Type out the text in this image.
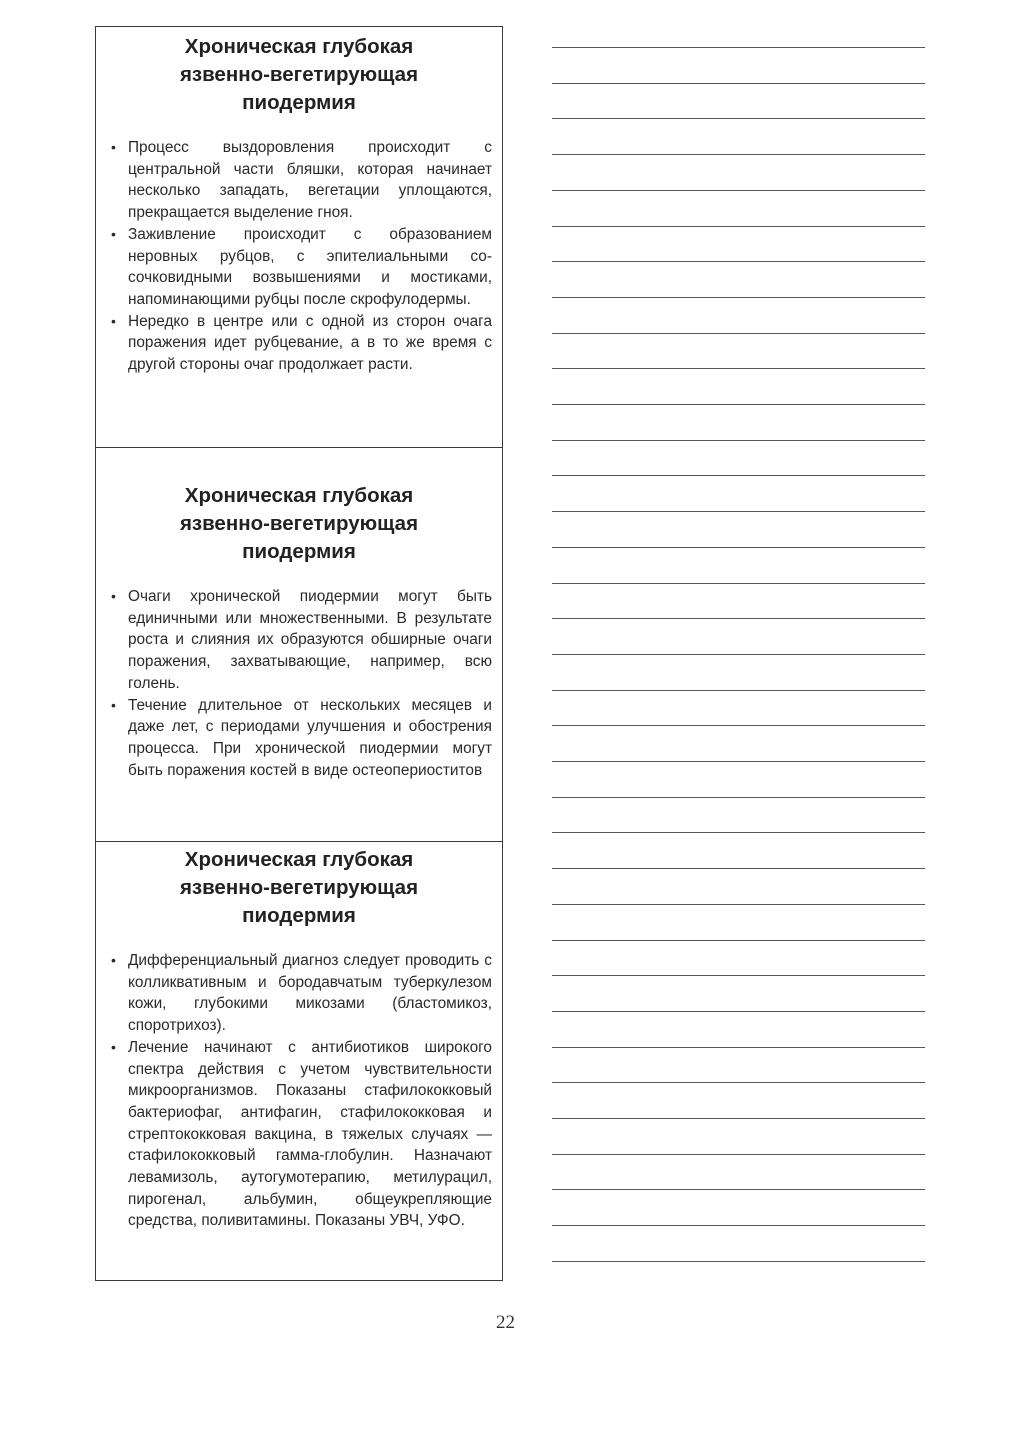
Хроническая глубокая язвенно-вегетирующая пиодермия
• Процесс выздоровления происходит с центральной части бляшки, которая начинает несколько западать, вегетации уплощаются, прекращается выделение гноя.
• Заживление происходит с образованием неровных рубцов, с эпителиальными сосочковидными возвышениями и мостиками, напоминающими рубцы после скрофулодермы.
• Нередко в центре или с одной из сторон очага поражения идет рубцевание, а в то же время с другой стороны очаг продолжает расти.
Хроническая глубокая язвенно-вегетирующая пиодермия
• Очаги хронической пиодермии могут быть единичными или множественными. В результате роста и слияния их образуются обширные очаги поражения, захватывающие, например, всю голень.
• Течение длительное от нескольких месяцев и даже лет, с периодами улучшения и обострения процесса. При хронической пиодермии могут быть поражения костей в виде остеопериоститов
Хроническая глубокая язвенно-вегетирующая пиодермия
• Дифференциальный диагноз следует проводить с колликвативным и бородавчатым туберкулезом кожи, глубокими микозами (бластомикоз, споротрихоз).
• Лечение начинают с антибиотиков широкого спектра действия с учетом чувствительности микроорганизмов. Показаны стафилококковый бактериофаг, антифагин, стафилококковая и стрептококковая вакцина, в тяжелых случаях — стафилококковый гамма-глобулин. Назначают левамизоль, аутогумотерапию, метилурацил, пирогенал, альбумин, общеукрепляющие средства, поливитамины. Показаны УВЧ, УФО.
22
